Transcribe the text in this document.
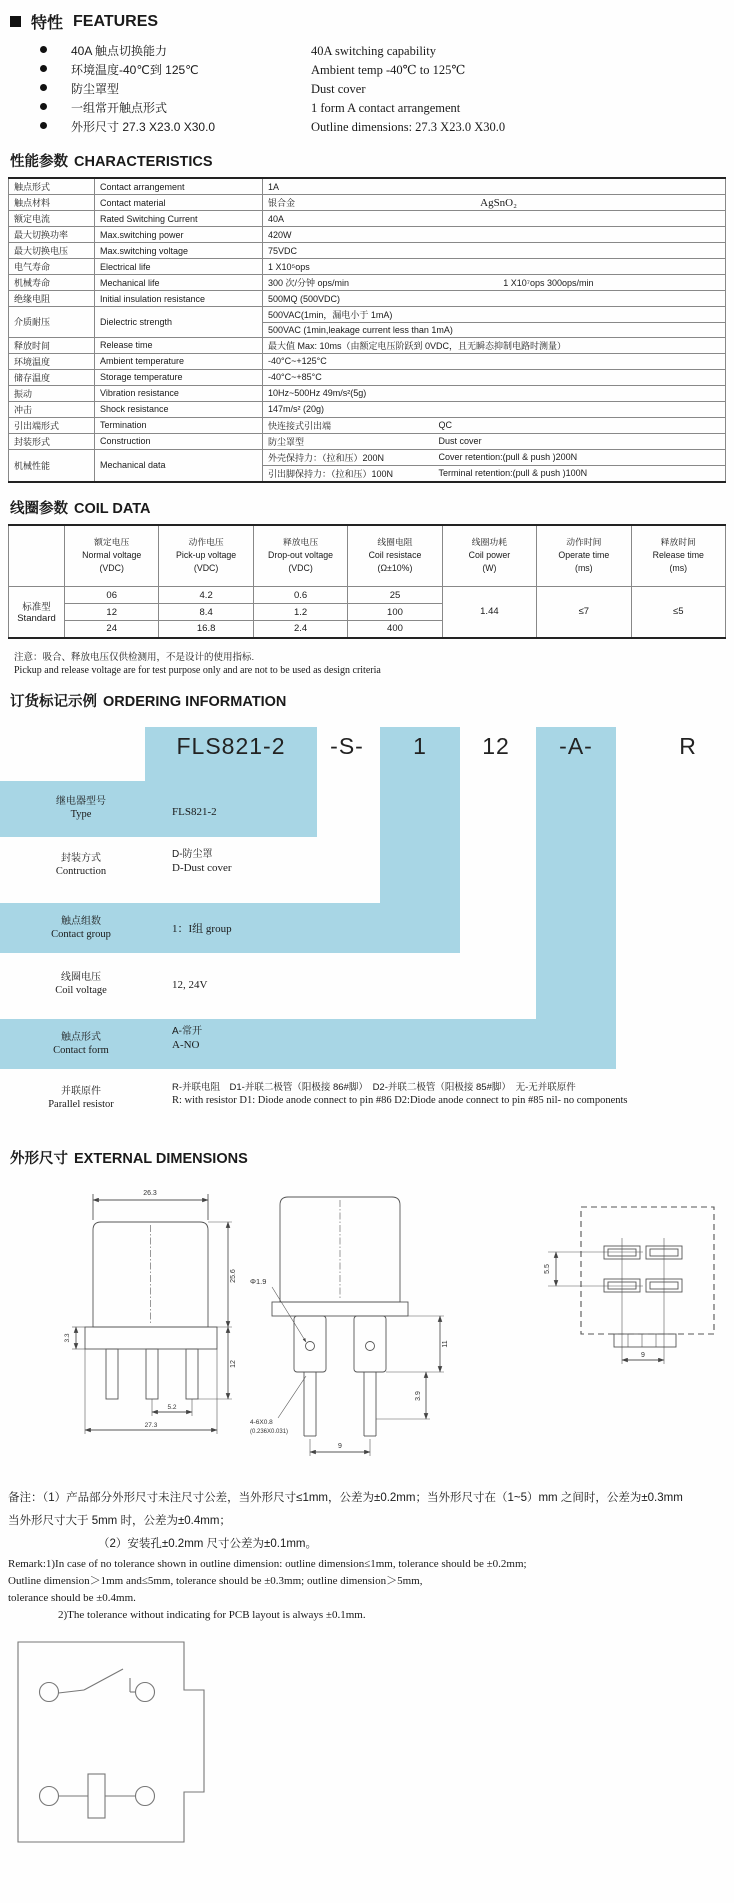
特性 FEATURES
40A 触点切换能力	40A switching capability
环境温度-40℃到 125℃	Ambient temp -40℃ to 125℃
防尘罩型	Dust cover
一组常开触点形式	1 form A contact arrangement
外形尺寸 27.3 X23.0 X30.0	Outline dimensions: 27.3 X23.0 X30.0
性能参数 CHARACTERISTICS
触点形式	Contact arrangement	1A
触点材料	Contact material	银合金 AgSnO₂

额定电流	Rated Switching Current	40A
最大切换功率	Max.switching power	420W
最大切换电压	Max.switching voltage	75VDC
电气寿命	Electrical life	1 X10⁵ops
机械寿命	Mechanical life	300 次/分钟 ops/min 1 X10⁷ops 300ops/min

绝缘电阻	Initial insulation resistance	500MQ (500VDC)
介质耐压	Dielectric strength	500VAC(1min，漏电小于 1mA)
		500VAC (1min,leakage current less than 1mA)
释放时间	Release time	最大值 Max: 10ms（由额定电压阶跃到 0VDC，且无瞬态抑制电路时测量）
环境温度	Ambient temperature	-40°C~+125°C
储存温度	Storage temperature	-40°C~+85°C
振动	Vibration resistance	10Hz~500Hz 49m/s²(5g)
冲击	Shock resistance	147m/s² (20g)
引出端形式	Termination	快连接式引出端 QC

封装形式	Construction	防尘罩型 Dust cover

机械性能	Mechanical data	外壳保持力：（拉和压）200N Cover retention:(pull & push )200N

		引出脚保持力：（拉和压）100N Terminal retention:(pull & push )100N
线圈参数 COIL DATA
	额定电压
Normal voltage
(VDC)	动作电压
Pick-up voltage
(VDC)	释放电压
Drop-out voltage
(VDC)	线圈电阻
Coil resistace
(Ω±10%)	线圈功耗
Coil power
(W)	动作时间
Operate time
(ms)	释放时间
Release time
(ms)
标准型
Standard	06	4.2	0.6	25	1.44	≤7	≤5
	12	8.4	1.2	100			
	24	16.8	2.4	400			
注意：吸合、释放电压仅供检测用，不是设计的使用指标.
Pickup and release voltage are for test purpose only and are not to be used as design criteria
订货标记示例 ORDERING INFORMATION
FLS821-2	-S-	1	12	-A-	R
继电器型号
Type	FLS821-2
封装方式
Contruction
D-防尘罩
D-Dust cover
触点组数
Contact group	1：I组 group
线圈电压
Coil voltage	12, 24V
触点形式
Contact form
A-常开
A-NO
并联原件
Parallel resistor
R-并联电阻　D1-并联二极管（阳极接 86#脚）　D2-并联二极管（阳极接 85#脚）　无-无并联原件
R: with resistor D1: Diode anode connect to pin #86 D2:Diode anode connect to pin #85 nil- no components
外形尺寸 EXTERNAL DIMENSIONS
26.3
25.6
12
3.3
5.2
27.3
Φ1.9
11
3.9
4-6X0.8
(0.236X0.031)
9
5.5
9
备注：（1）产品部分外形尺寸未注尺寸公差，当外形尺寸≤1mm，公差为±0.2mm；当外形尺寸在（1~5）mm 之间时，公差为±0.3mm
当外形尺寸大于 5mm 时，公差为±0.4mm；
（2）安装孔±0.2mm 尺寸公差为±0.1mm。
Remark:1)In case of no tolerance shown in outline dimension: outline dimension≤1mm, tolerance should be ±0.2mm;
Outline dimension＞1mm and≤5mm, tolerance should be ±0.3mm; outline dimension＞5mm,
tolerance should be ±0.4mm.
2)The tolerance without indicating for PCB layout is always ±0.1mm.
